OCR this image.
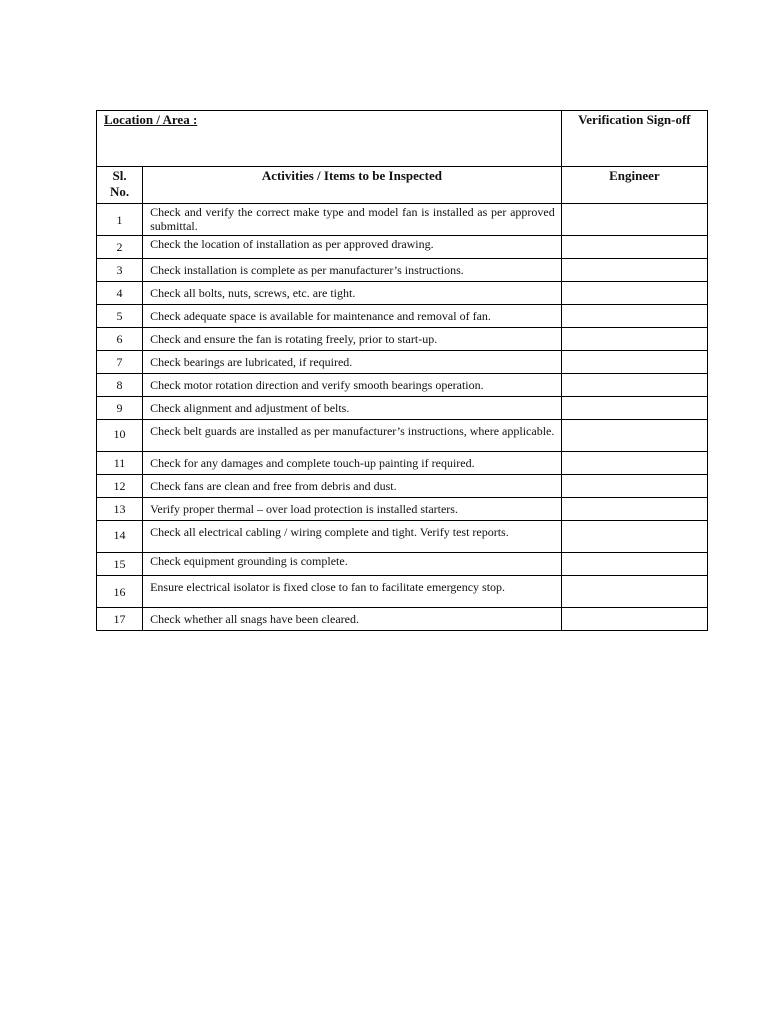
Location / Area :		Verification Sign-off
Sl.
No.	Activities / Items to be Inspected	Engineer
1	Check and verify the correct make type and model fan is installed as per approved submittal.	
2	Check the location of installation as per approved drawing.	
3	Check installation is complete as per manufacturer’s instructions.	
4	Check all bolts, nuts, screws, etc. are tight.	
5	Check adequate space is available for maintenance and removal of fan.	
6	Check and ensure the fan is rotating freely, prior to start-up.	
7	Check bearings are lubricated, if required.	
8	Check motor rotation direction and verify smooth bearings operation.	
9	Check alignment and adjustment of belts.	
10	Check belt guards are installed as per manufacturer’s instructions, where applicable.	
11	Check for any damages and complete touch-up painting if required.	
12	Check fans are clean and free from debris and dust.	
13	Verify proper thermal – over load protection is installed starters.	
14	Check all electrical cabling / wiring complete and tight. Verify test reports.	
15	Check equipment grounding is complete.	
16	Ensure electrical isolator is fixed close to fan to facilitate emergency stop.	
17	Check whether all snags have been cleared.	
